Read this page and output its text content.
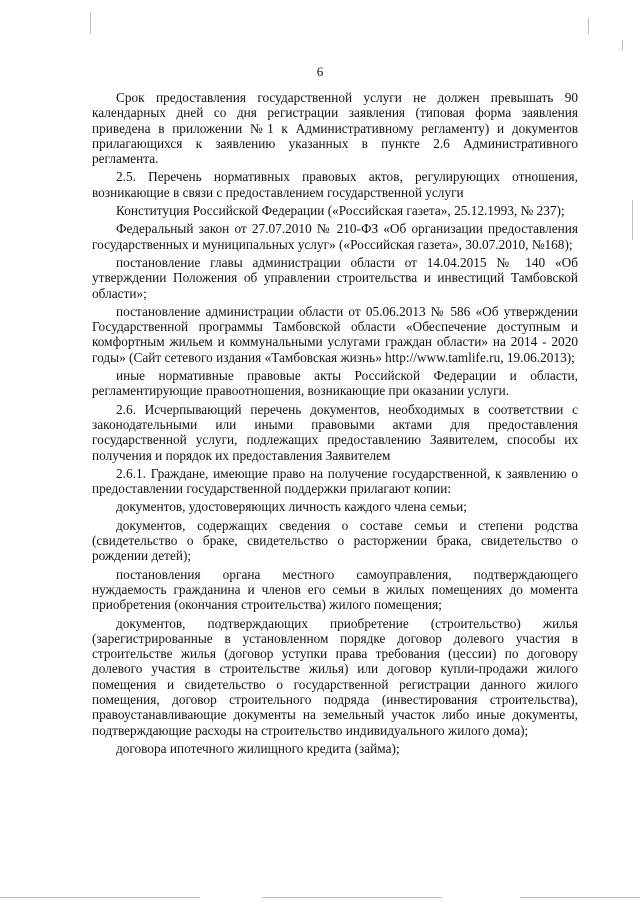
6

Срок предоставления государственной услуги не должен превышать 90 календарных дней со дня регистрации заявления (типовая форма заявления приведена в приложении №1 к Административному регламенту) и документов прилагающихся к заявлению указанных в пункте 2.6 Административного регламента.

2.5. Перечень нормативных правовых актов, регулирующих отношения, возникающие в связи с предоставлением государственной услуги

Конституция Российской Федерации («Российская газета», 25.12.1993, № 237);

Федеральный закон от 27.07.2010 № 210-ФЗ «Об организации предоставления государственных и муниципальных услуг» («Российская газета», 30.07.2010, №168);

постановление главы администрации области от 14.04.2015 № 140 «Об утверждении Положения об управлении строительства и инвестиций Тамбовской области»;

постановление администрации области от 05.06.2013 № 586 «Об утверждении Государственной программы Тамбовской области «Обеспечение доступным и комфортным жильем и коммунальными услугами граждан области» на 2014 - 2020 годы» (Сайт сетевого издания «Тамбовская жизнь» http://www.tamlife.ru, 19.06.2013);

иные нормативные правовые акты Российской Федерации и области, регламентирующие правоотношения, возникающие при оказании услуги.

2.6. Исчерпывающий перечень документов, необходимых в соответствии с законодательными или иными правовыми актами для предоставления государственной услуги, подлежащих предоставлению Заявителем, способы их получения и порядок их предоставления Заявителем

2.6.1. Граждане, имеющие право на получение государственной, к заявлению о предоставлении государственной поддержки прилагают копии:

документов, удостоверяющих личность каждого члена семьи;

документов, содержащих сведения о составе семьи и степени родства (свидетельство о браке, свидетельство о расторжении брака, свидетельство о рождении детей);

постановления органа местного самоуправления, подтверждающего нуждаемость гражданина и членов его семьи в жилых помещениях до момента приобретения (окончания строительства) жилого помещения;

документов, подтверждающих приобретение (строительство) жилья (зарегистрированные в установленном порядке договор долевого участия в строительстве жилья (договор уступки права требования (цессии) по договору долевого участия в строительстве жилья) или договор купли-продажи жилого помещения и свидетельство о государственной регистрации данного жилого помещения, договор строительного подряда (инвестирования строительства), правоустанавливающие документы на земельный участок либо иные документы, подтверждающие расходы на строительство индивидуального жилого дома);

договора ипотечного жилищного кредита (займа);
